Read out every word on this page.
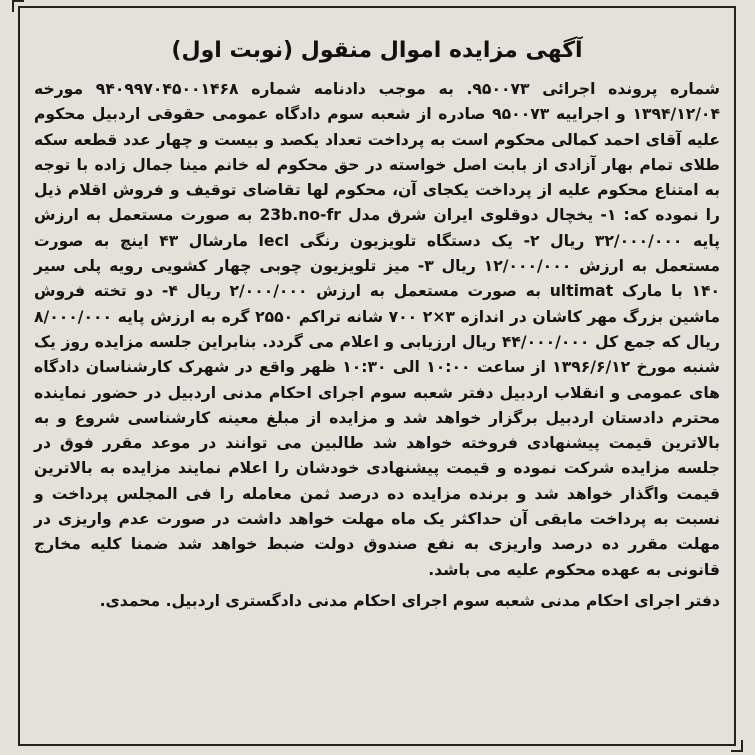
آگهی مزایده اموال منقول (نوبت اول)
شماره پرونده اجرائی ۹۵۰۰۷۳. به موجب دادنامه شماره ۹۴۰۹۹۷۰۴۵۰۰۱۴۶۸ مورخه ۱۳۹۴/۱۲/۰۴ و اجراییه ۹۵۰۰۷۳ صادره از شعبه سوم دادگاه عمومی حقوقی اردبیل محکوم علیه آقای احمد کمالی محکوم است به پرداخت تعداد یکصد و بیست و چهار عدد قطعه سکه طلای تمام بهار آزادی از بابت اصل خواسته در حق محکوم له خانم مینا جمال زاده با توجه به امتناع محکوم علیه از پرداخت یکجای آن، محکوم لها تقاضای توقیف و فروش اقلام ذیل را نموده که: ۱- یخچال دوقلوی ایران شرق مدل 23b.no-fr به صورت مستعمل به ارزش پایه ۳۲/۰۰۰/۰۰۰ ریال ۲- یک دستگاه تلویزیون رنگی lecl مارشال ۴۳ اینچ به صورت مستعمل به ارزش ۱۲/۰۰۰/۰۰۰ ریال ۳- میز تلویزیون چوبی چهار کشویی رویه پلی سیر ۱۴۰ با مارک ultimat به صورت مستعمل به ارزش ۲/۰۰۰/۰۰۰ ریال ۴- دو تخته فروش ماشین بزرگ مهر کاشان در اندازه ۳×۲ ۷۰۰ شانه تراکم ۲۵۵۰ گره به ارزش پایه ۸/۰۰۰/۰۰۰ ریال که جمع کل ۴۴/۰۰۰/۰۰۰ ریال ارزیابی و اعلام می گردد. بنابراین جلسه مزایده روز یک شنبه مورخ ۱۳۹۶/۶/۱۲ از ساعت ۱۰:۰۰ الی ۱۰:۳۰ ظهر واقع در شهرک کارشناسان دادگاه های عمومی و انقلاب اردبیل دفتر شعبه سوم اجرای احکام مدنی اردبیل در حضور نماینده محترم دادستان اردبیل برگزار خواهد شد و مزایده از مبلغ معینه کارشناسی شروع و به بالاترین قیمت پیشنهادی فروخته خواهد شد طالبین می توانند در موعد مقرر فوق در جلسه مزایده شرکت نموده و قیمت پیشنهادی خودشان را اعلام نمایند مزایده به بالاترین قیمت واگذار خواهد شد و برنده مزایده ده درصد ثمن معامله را فی المجلس پرداخت و نسبت به پرداخت مابقی آن حداکثر یک ماه مهلت خواهد داشت در صورت عدم واریزی در مهلت مقرر ده درصد واریزی به نفع صندوق دولت ضبط خواهد شد ضمنا کلیه مخارج قانونی به عهده محکوم علیه می باشد.
دفتر اجرای احکام مدنی شعبه سوم اجرای احکام مدنی دادگستری اردبیل. محمدی.
